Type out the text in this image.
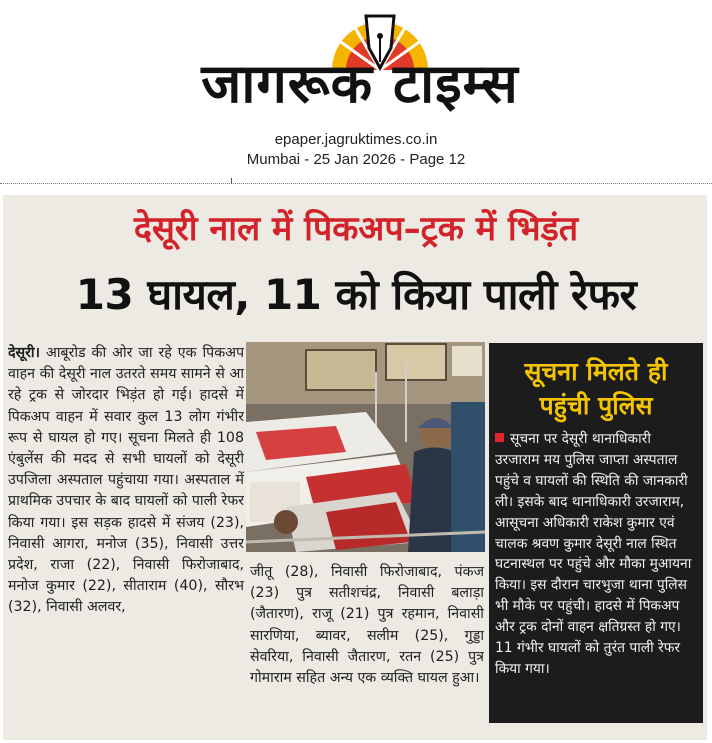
जागरूक टाइम्स
epaper.jagruktimes.co.in
Mumbai - 25 Jan 2026 - Page 12
देसूरी नाल में पिकअप–ट्रक में भिड़ंत
13 घायल, 11 को किया पाली रेफर
देसूरी। आबूरोड की ओर जा रहे एक पिकअप वाहन की देसूरी नाल उतरते समय सामने से आ रहे ट्रक से जोरदार भिड़ंत हो गई। हादसे में पिकअप वाहन में सवार कुल 13 लोग गंभीर रूप से घायल हो गए। सूचना मिलते ही 108 एंबुलेंस की मदद से सभी घायलों को देसूरी उपजिला अस्पताल पहुंचाया गया। अस्पताल में प्राथमिक उपचार के बाद घायलों को पाली रेफर किया गया। इस सड़क हादसे में संजय (23), निवासी आगरा, मनोज (35), निवासी उत्तर प्रदेश, राजा (22), निवासी फिरोजाबाद, मनोज कुमार (22), सीताराम (40), सौरभ (32), निवासी अलवर,
जीतू (28), निवासी फिरोजाबाद, पंकज (23) पुत्र सतीशचंद्र, निवासी बलाड़ा (जैतारण), राजू (21) पुत्र रहमान, निवासी सारणिया, ब्यावर, सलीम (25), गुड्डा सेवरिया, निवासी जैतारण, रतन (25) पुत्र गोमाराम सहित अन्य एक व्यक्ति घायल हुआ।
सूचना मिलते ही
पहुंची पुलिस
सूचना पर देसूरी थानाधिकारी उरजाराम मय पुलिस जाप्ता अस्पताल पहुंचे व घायलों की स्थिति की जानकारी ली। इसके बाद थानाधिकारी उरजाराम, आसूचना अधिकारी राकेश कुमार एवं चालक श्रवण कुमार देसूरी नाल स्थित घटनास्थल पर पहुंचे और मौका मुआयना किया। इस दौरान चारभुजा थाना पुलिस भी मौके पर पहुंची। हादसे में पिकअप और ट्रक दोनों वाहन क्षतिग्रस्त हो गए। 11 गंभीर घायलों को तुरंत पाली रेफर किया गया।
